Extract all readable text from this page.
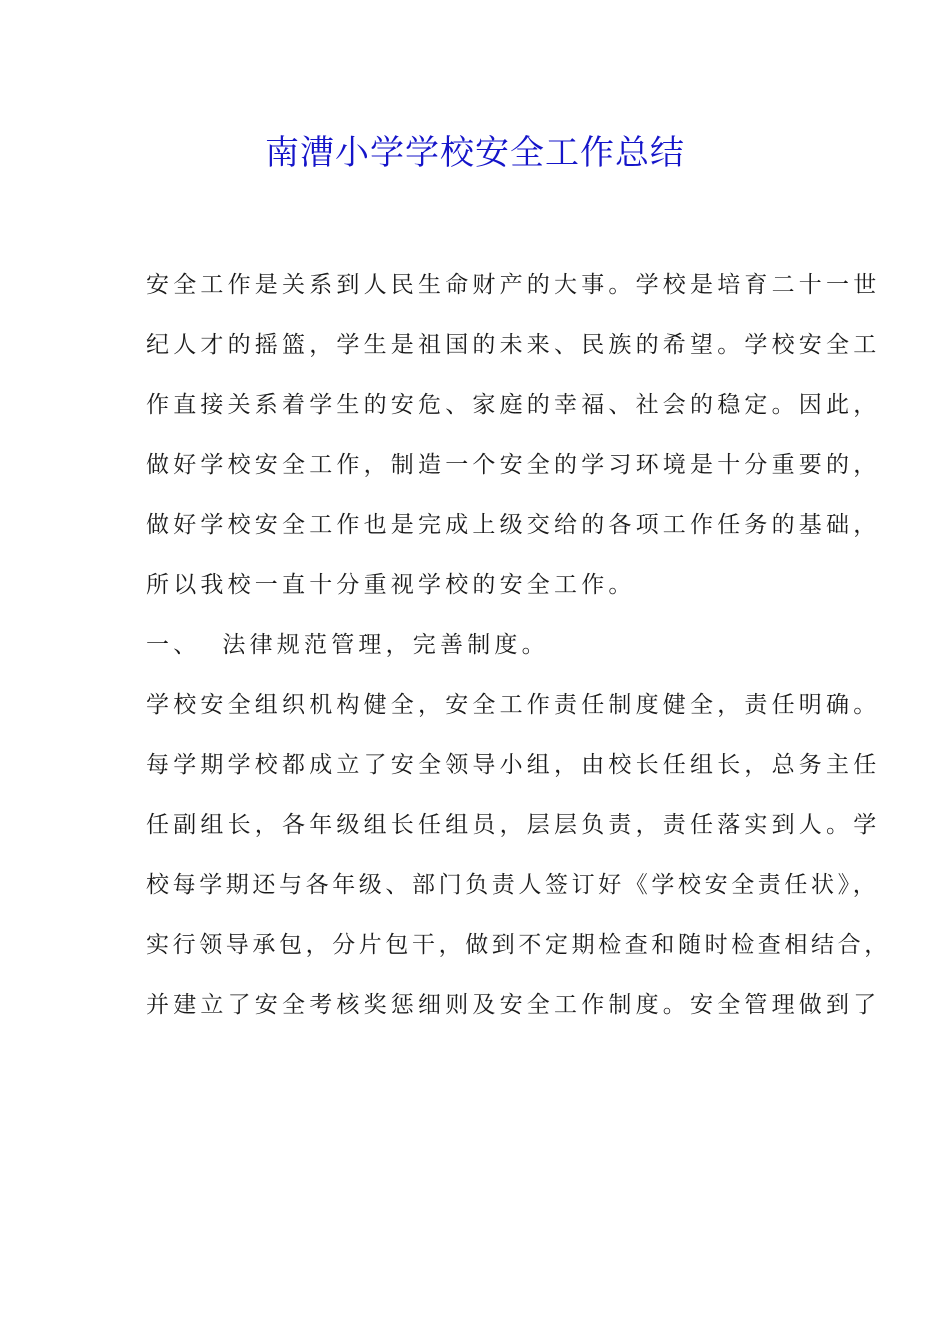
南漕小学学校安全工作总结
安全工作是关系到人民生命财产的大事。学校是培育二十一世
纪人才的摇篮，学生是祖国的未来、民族的希望。学校安全工
作直接关系着学生的安危、家庭的幸福、社会的稳定。因此，
做好学校安全工作，制造一个安全的学习环境是十分重要的，
做好学校安全工作也是完成上级交给的各项工作任务的基础，
所以我校一直十分重视学校的安全工作。
一、 法律规范管理，完善制度。
学校安全组织机构健全，安全工作责任制度健全，责任明确。
每学期学校都成立了安全领导小组，由校长任组长，总务主任
任副组长，各年级组长任组员，层层负责，责任落实到人。学
校每学期还与各年级、部门负责人签订好《学校安全责任状》，
实行领导承包，分片包干，做到不定期检查和随时检查相结合，
并建立了安全考核奖惩细则及安全工作制度。安全管理做到了
